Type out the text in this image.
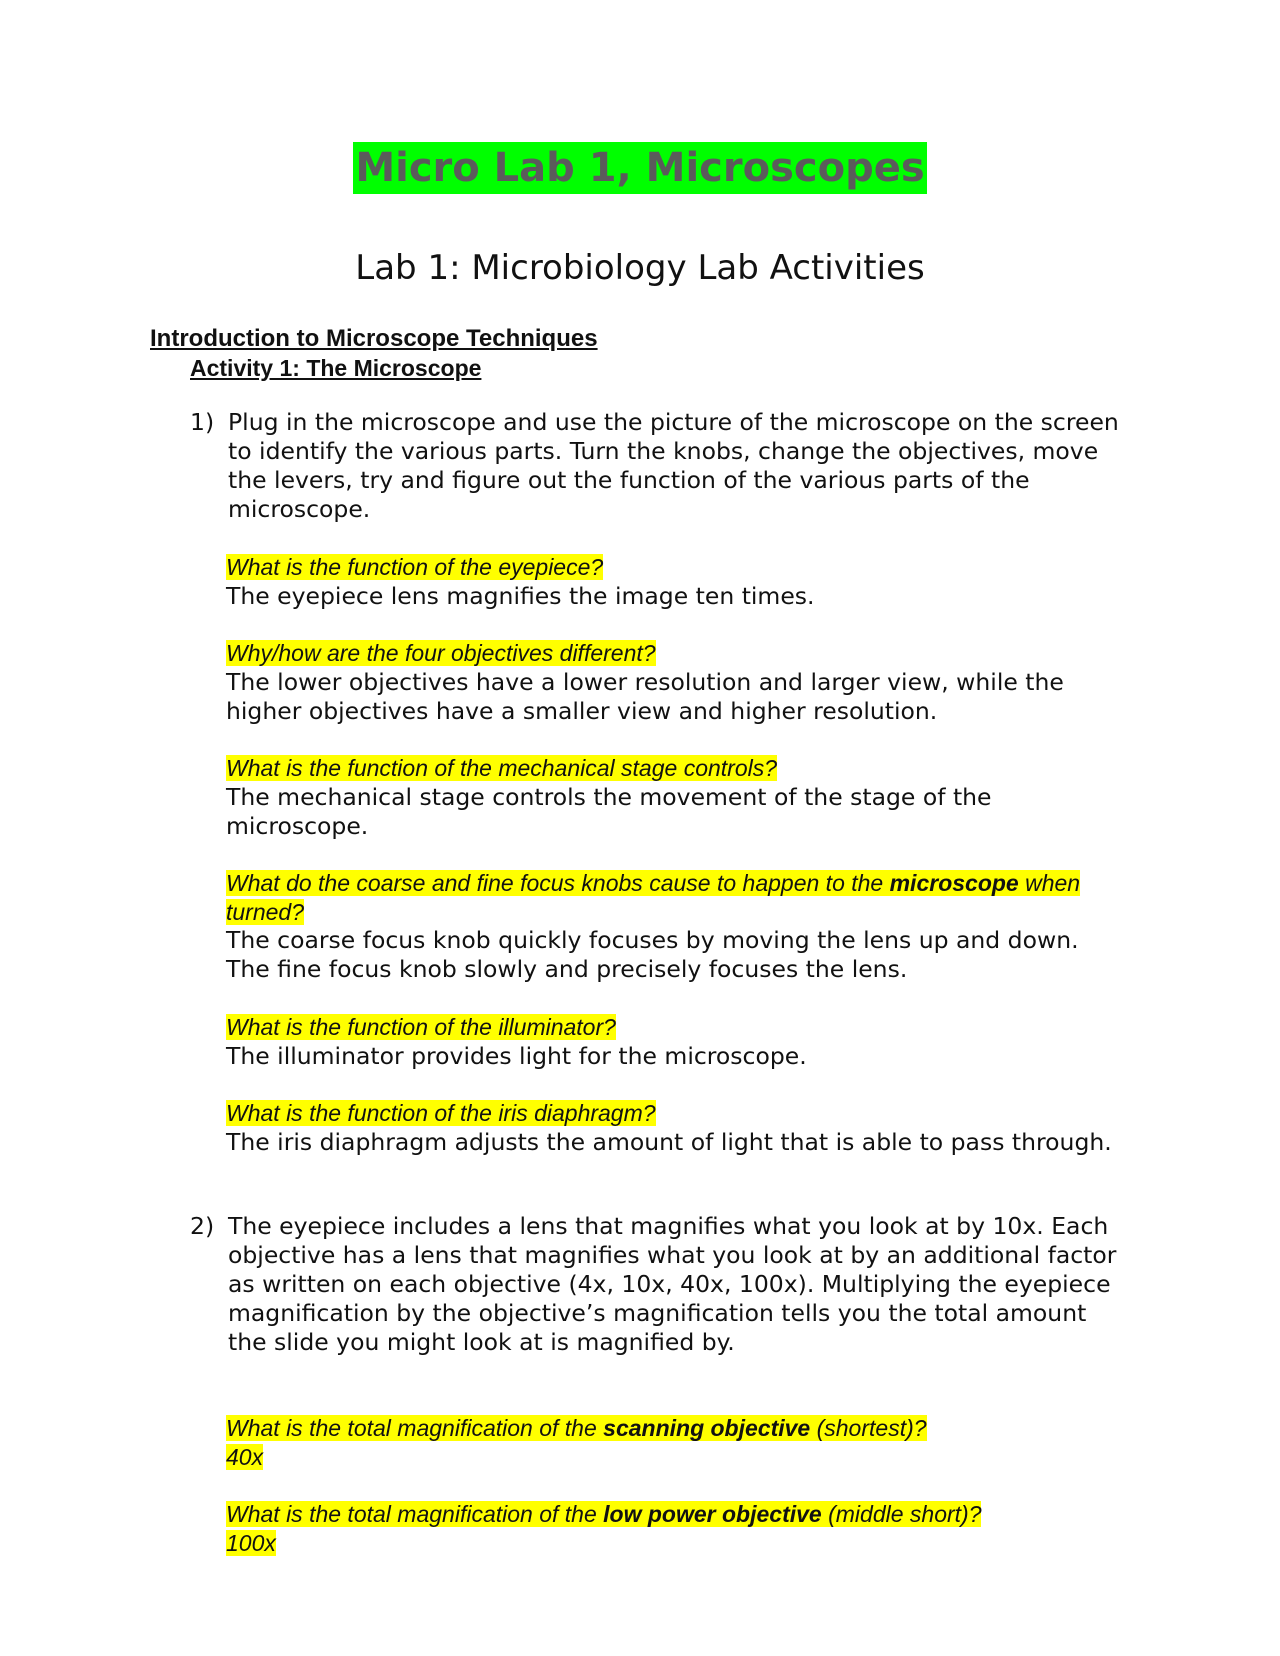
Micro Lab 1, Microscopes
Lab 1: Microbiology Lab Activities
Introduction to Microscope Techniques
Activity 1: The Microscope
1) Plug in the microscope and use the picture of the microscope on the screen to identify the various parts. Turn the knobs, change the objectives, move the levers, try and figure out the function of the various parts of the microscope.
What is the function of the eyepiece?
The eyepiece lens magnifies the image ten times.
Why/how are the four objectives different?
The lower objectives have a lower resolution and larger view, while the higher objectives have a smaller view and higher resolution.
What is the function of the mechanical stage controls?
The mechanical stage controls the movement of the stage of the microscope.
What do the coarse and fine focus knobs cause to happen to the microscope when turned?
The coarse focus knob quickly focuses by moving the lens up and down. The fine focus knob slowly and precisely focuses the lens.
What is the function of the illuminator?
The illuminator provides light for the microscope.
What is the function of the iris diaphragm?
The iris diaphragm adjusts the amount of light that is able to pass through.
2) The eyepiece includes a lens that magnifies what you look at by 10x. Each objective has a lens that magnifies what you look at by an additional factor as written on each objective (4x, 10x, 40x, 100x). Multiplying the eyepiece magnification by the objective’s magnification tells you the total amount the slide you might look at is magnified by.
What is the total magnification of the scanning objective (shortest)?
40x
What is the total magnification of the low power objective (middle short)?
100x
